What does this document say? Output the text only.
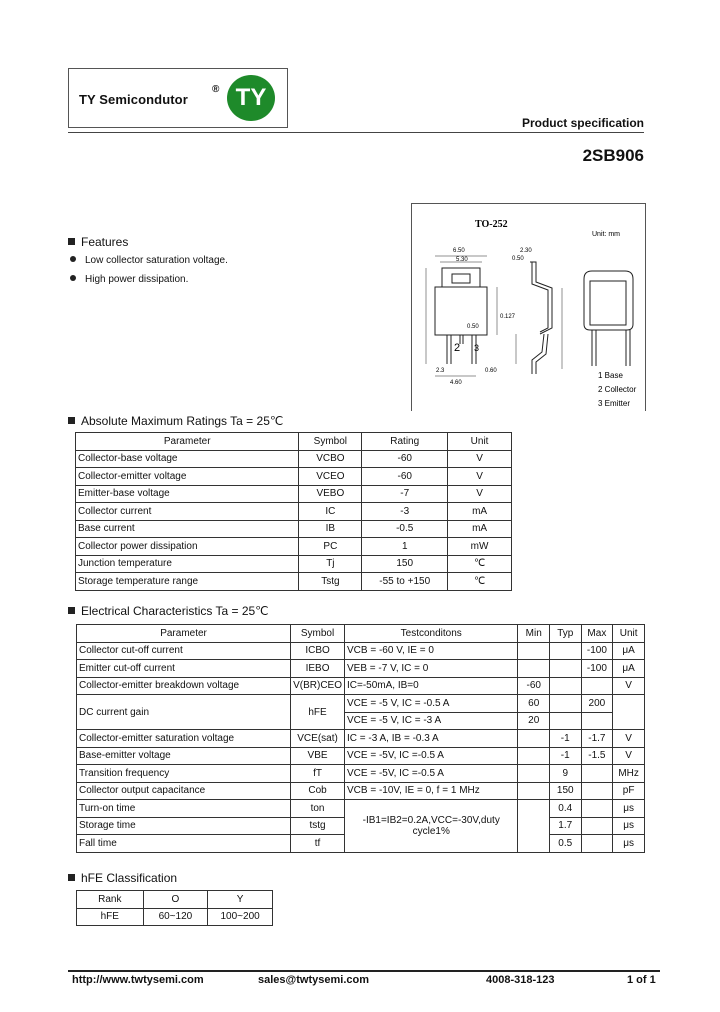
TY Semicondutor
® TY
Product specification
2SB906
Features
Low collector saturation voltage.
High power dissipation.
TO-252
Unit: mm
6.50
5.30
2.30
0.50
0.127
0.50
2 3
2.3
4.60
0.60	1 Base
2 Collector
3 Emitter
Absolute Maximum Ratings Ta = 25℃
Parameter	Symbol	Rating	Unit
Collector-base voltage	VCBO	-60	V
Collector-emitter voltage	VCEO	-60	V
Emitter-base voltage	VEBO	-7	V
Collector current	IC	-3	mA
Base current	IB	-0.5	mA
Collector power dissipation	PC	1	mW
Junction temperature	Tj	150	℃
Storage temperature range	Tstg	-55 to +150	℃
Electrical Characteristics Ta = 25℃
Parameter	Symbol	Testconditons	Min	Typ	Max	Unit
Collector cut-off current	ICBO	VCB = -60 V, IE = 0			-100	μA
Emitter cut-off current	IEBO	VEB = -7 V, IC = 0			-100	μA
Collector-emitter breakdown voltage	V(BR)CEO	IC=-50mA, IB=0	-60			V
DC current gain	hFE	VCE = -5 V, IC = -0.5 A	60		200	
		VCE = -5 V, IC = -3 A	20			
Collector-emitter saturation voltage	VCE(sat)	IC = -3 A, IB = -0.3 A		-1	-1.7	V
Base-emitter voltage	VBE	VCE = -5V, IC =-0.5 A		-1	-1.5	V
Transition frequency	fT	VCE = -5V, IC =-0.5 A		9		MHz
Collector output capacitance	Cob	VCB = -10V, IE = 0, f = 1 MHz		150		pF
Turn-on time	ton	-IB1=IB2=0.2A,VCC=-30V,duty cycle1%		0.4		μs
Storage time	tstg			1.7		μs
Fall time	tf			0.5		μs
hFE Classification
Rank	O	Y
hFE	60~120	100~200
http://www.twtysemi.com	sales@twtysemi.com	4008-318-123	1 of 1
